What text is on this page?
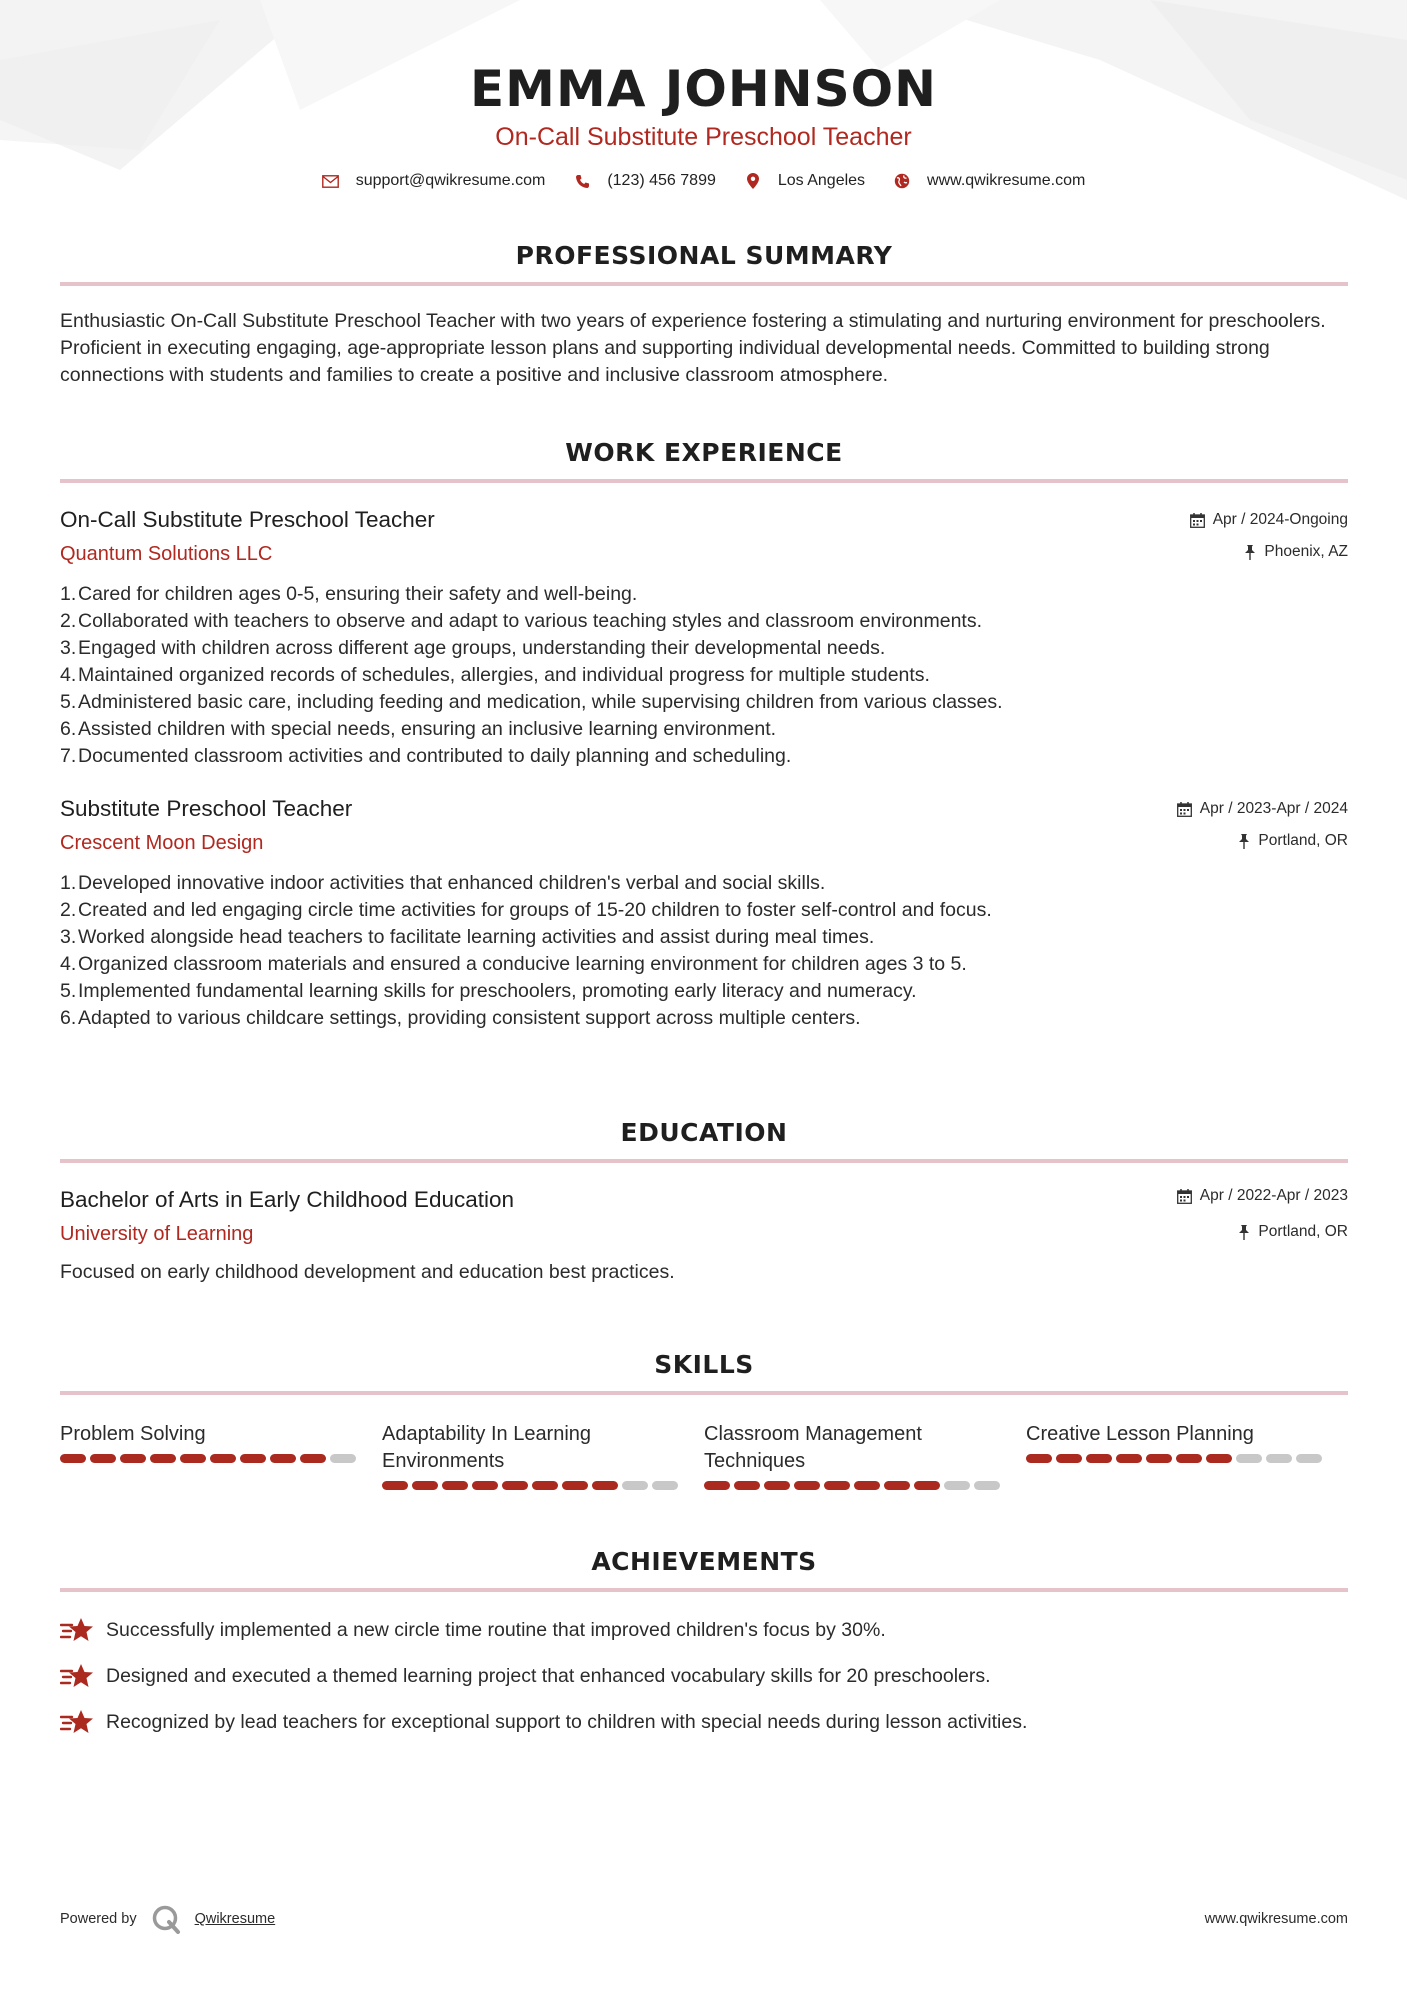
EMMA JOHNSON
On-Call Substitute Preschool Teacher
support@qwikresume.com	(123) 456 7899	Los Angeles	www.qwikresume.com
PROFESSIONAL SUMMARY
Enthusiastic On-Call Substitute Preschool Teacher with two years of experience fostering a stimulating and nurturing environment for preschoolers. Proficient in executing engaging, age-appropriate lesson plans and supporting individual developmental needs. Committed to building strong connections with students and families to create a positive and inclusive classroom atmosphere.
WORK EXPERIENCE
On-Call Substitute Preschool Teacher
Quantum Solutions LLC
Apr / 2024-Ongoing
Phoenix, AZ
1. Cared for children ages 0-5, ensuring their safety and well-being.
2. Collaborated with teachers to observe and adapt to various teaching styles and classroom environments.
3. Engaged with children across different age groups, understanding their developmental needs.
4. Maintained organized records of schedules, allergies, and individual progress for multiple students.
5. Administered basic care, including feeding and medication, while supervising children from various classes.
6. Assisted children with special needs, ensuring an inclusive learning environment.
7. Documented classroom activities and contributed to daily planning and scheduling.
Substitute Preschool Teacher
Crescent Moon Design
Apr / 2023-Apr / 2024
Portland, OR
1. Developed innovative indoor activities that enhanced children's verbal and social skills.
2. Created and led engaging circle time activities for groups of 15-20 children to foster self-control and focus.
3. Worked alongside head teachers to facilitate learning activities and assist during meal times.
4. Organized classroom materials and ensured a conducive learning environment for children ages 3 to 5.
5. Implemented fundamental learning skills for preschoolers, promoting early literacy and numeracy.
6. Adapted to various childcare settings, providing consistent support across multiple centers.
EDUCATION
Bachelor of Arts in Early Childhood Education
University of Learning
Apr / 2022-Apr / 2023
Portland, OR
Focused on early childhood development and education best practices.
SKILLS
Problem Solving	Adaptability In Learning Environments
Classroom Management Techniques
Creative Lesson Planning
ACHIEVEMENTS
Successfully implemented a new circle time routine that improved children's focus by 30%.
Designed and executed a themed learning project that enhanced vocabulary skills for 20 preschoolers.
Recognized by lead teachers for exceptional support to children with special needs during lesson activities.
Powered by	Qwikresume	www.qwikresume.com
